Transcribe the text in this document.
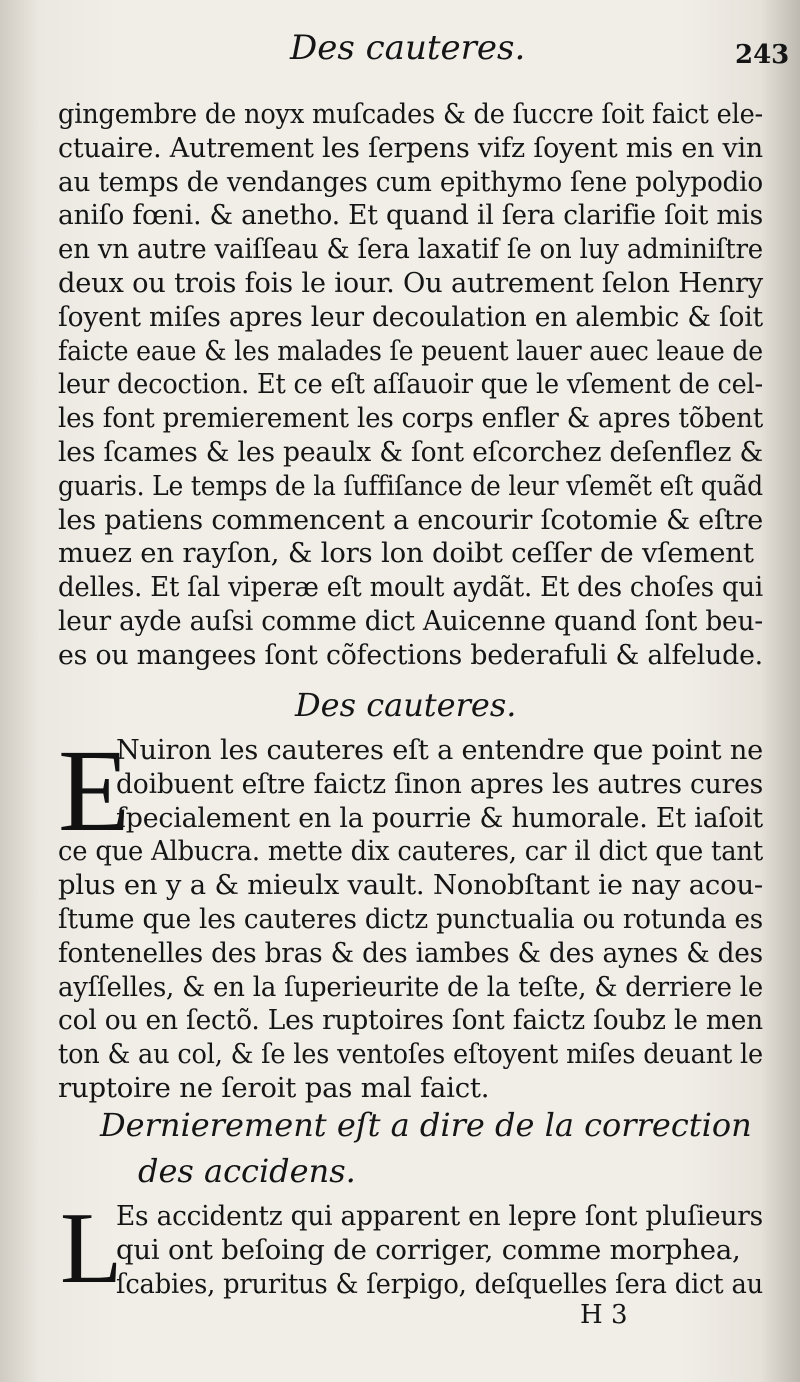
Des cauteres.	243
gingembre de noyx muſcades & de ſuccre ſoit faict ele-
ctuaire. Autrement les ſerpens vifz ſoyent mis en vin
au temps de vendanges cum epithymo ſene polypodio
aniſo fœni. & anetho. Et quand il ſera clarifie ſoit mis
en vn autre vaiſſeau & ſera laxatif ſe on luy adminiſtre
deux ou trois fois le iour. Ou autrement ſelon Henry
ſoyent miſes apres leur decoulation en alembic & ſoit
faicte eaue & les malades ſe peuent lauer auec leaue de
leur decoction. Et ce eſt aſſauoir que le vſement de cel-
les font premierement les corps enfler & apres tõbent
les ſcames & les peaulx & ſont eſcorchez deſenflez &
guaris. Le temps de la ſuffiſance de leur vſemẽt eſt quãd
les patiens commencent a encourir ſcotomie & eſtre
muez en rayſon, & lors lon doibt ceſſer de vſement
delles. Et ſal viperæ eſt moult aydãt. Et des choſes qui
leur ayde auſsi comme dict Auicenne quand ſont beu-
es ou mangees ſont cõfections bederafuli & alfelude.
Des cauteres.
E
Nuiron les cauteres eſt a entendre que point ne
doibuent eſtre faictz ſinon apres les autres cures
ſpecialement en la pourrie & humorale. Et iaſoit
ce que Albucra. mette dix cauteres, car il dict que tant
plus en y a & mieulx vault. Nonobſtant ie nay acou-
ſtume que les cauteres dictz punctualia ou rotunda es
fontenelles des bras & des iambes & des aynes & des
ayſſelles, & en la ſuperieurite de la teſte, & derriere le
col ou en ſectõ. Les ruptoires ſont faictz ſoubz le men
ton & au col, & ſe les ventoſes eſtoyent miſes deuant le
ruptoire ne ſeroit pas mal faict.
Dernierement eſt a dire de la correction
des accidens.
L
Es accidentz qui apparent en lepre ſont pluſieurs
qui ont beſoing de corriger, comme morphea,
ſcabies, pruritus & ſerpigo, deſquelles ſera dict au
H 3
